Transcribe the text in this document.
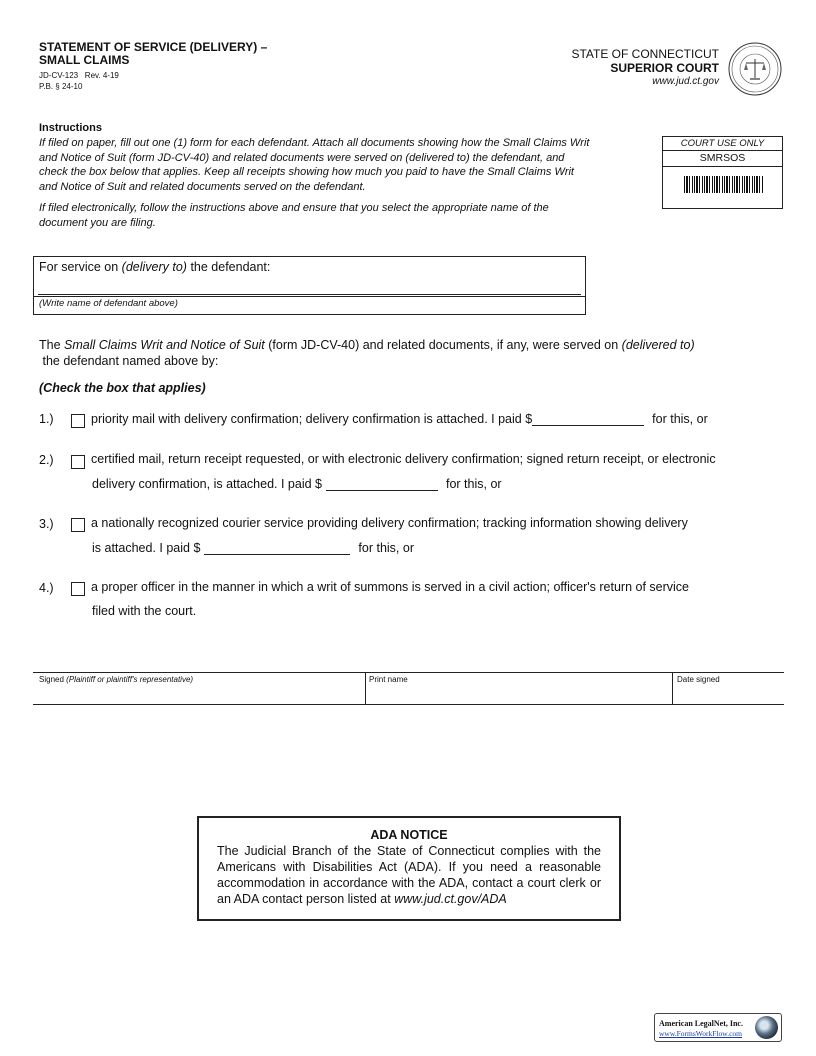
STATEMENT OF SERVICE (DELIVERY) –
SMALL CLAIMS
JD-CV-123   Rev. 4-19
P.B. § 24-10
STATE OF CONNECTICUT
SUPERIOR COURT
www.jud.ct.gov
Instructions
If filed on paper, fill out one (1) form for each defendant. Attach all documents showing how the Small Claims Writ and Notice of Suit (form JD-CV-40) and related documents were served on (delivered to) the defendant, and check the box below that applies. Keep all receipts showing how much you paid to have the Small Claims Writ and Notice of Suit and related documents served on the defendant.
If filed electronically, follow the instructions above and ensure that you select the appropriate name of the document you are filing.
COURT USE ONLY
SMRSOS
For service on (delivery to) the defendant:
(Write name of defendant above)
The Small Claims Writ and Notice of Suit (form JD-CV-40) and related documents, if any, were served on (delivered to) the defendant named above by:
(Check the box that applies)
1.)	priority mail with delivery confirmation; delivery confirmation is attached. I paid $	for this, or
2.)	certified mail, return receipt requested, or with electronic delivery confirmation; signed return receipt, or electronic
delivery confirmation, is attached. I paid $	for this, or
3.)	a nationally recognized courier service providing delivery confirmation; tracking information showing delivery
is attached. I paid $	for this, or
4.)	a proper officer in the manner in which a writ of summons is served in a civil action; officer's return of service
filed with the court.
Signed (Plaintiff or plaintiff's representative)	Print name	Date signed
ADA NOTICE
The Judicial Branch of the State of Connecticut complies with the Americans with Disabilities Act (ADA). If you need a reasonable accommodation in accordance with the ADA, contact a court clerk or an ADA contact person listed at www.jud.ct.gov/ADA
American LegalNet, Inc.
www.FormsWorkFlow.com
